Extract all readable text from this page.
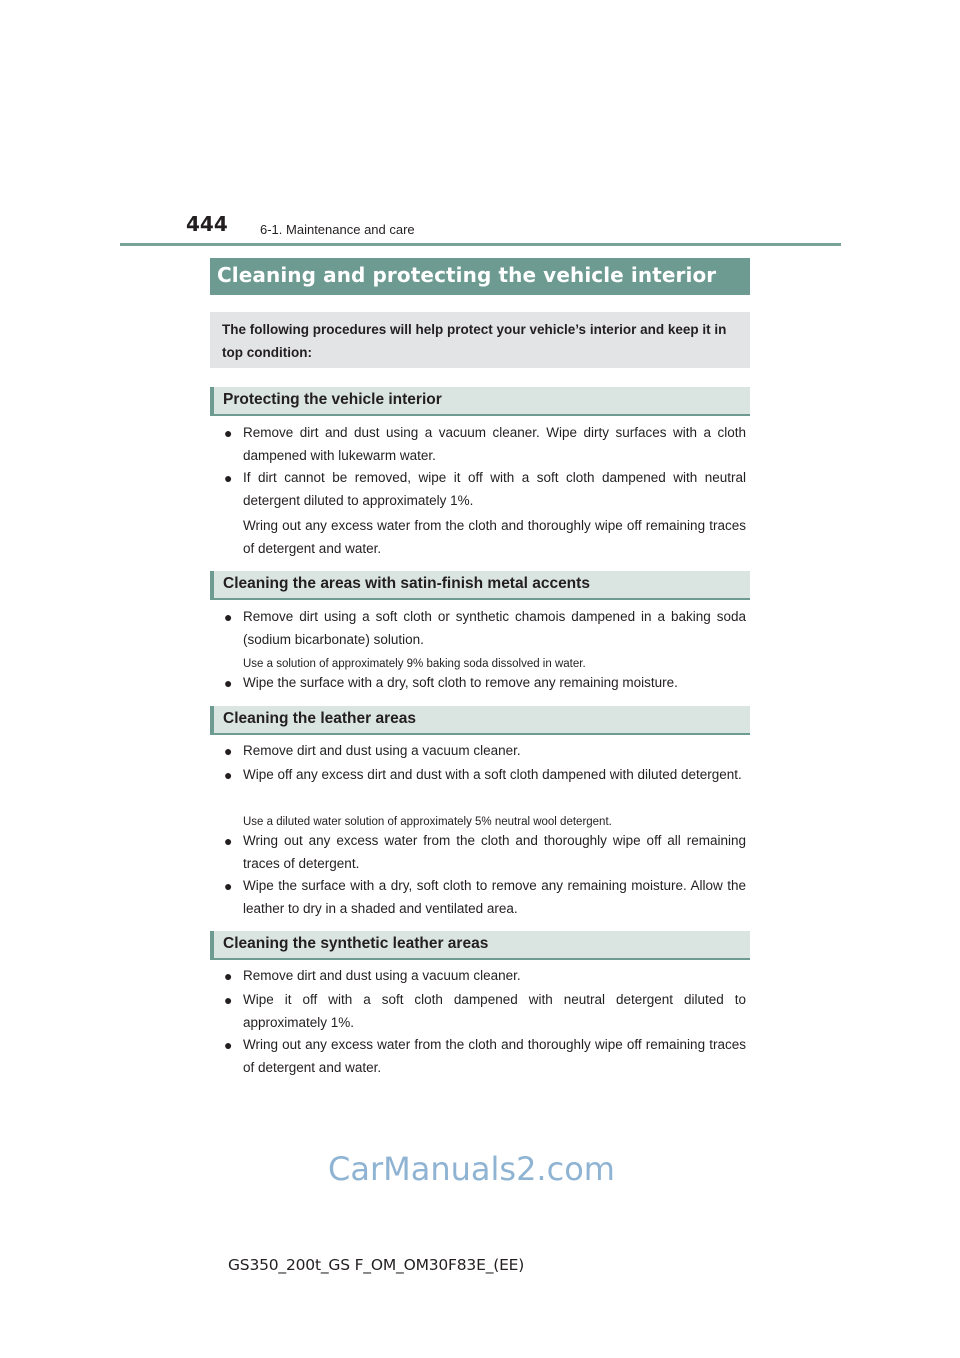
444 6-1. Maintenance and care
Cleaning and protecting the vehicle interior

The following procedures will help protect your vehicle’s interior and keep it in top condition:

Protecting the vehicle interior
● Remove dirt and dust using a vacuum cleaner. Wipe dirty surfaces with a cloth dampened with lukewarm water.
● If dirt cannot be removed, wipe it off with a soft cloth dampened with neutral detergent diluted to approximately 1%.
Wring out any excess water from the cloth and thoroughly wipe off remaining traces of detergent and water.
Cleaning the areas with satin-finish metal accents
● Remove dirt using a soft cloth or synthetic chamois dampened in a baking soda (sodium bicarbonate) solution.
Use a solution of approximately 9% baking soda dissolved in water.
● Wipe the surface with a dry, soft cloth to remove any remaining moisture.
Cleaning the leather areas
● Remove dirt and dust using a vacuum cleaner.
● Wipe off any excess dirt and dust with a soft cloth dampened with diluted detergent.
Use a diluted water solution of approximately 5% neutral wool detergent.
● Wring out any excess water from the cloth and thoroughly wipe off all remaining traces of detergent.
● Wipe the surface with a dry, soft cloth to remove any remaining moisture. Allow the leather to dry in a shaded and ventilated area.
Cleaning the synthetic leather areas
● Remove dirt and dust using a vacuum cleaner.
● Wipe it off with a soft cloth dampened with neutral detergent diluted to approximately 1%.
● Wring out any excess water from the cloth and thoroughly wipe off remaining traces of detergent and water.
CarManuals2.com
GS350_200t_GS F_OM_OM30F83E_(EE)
